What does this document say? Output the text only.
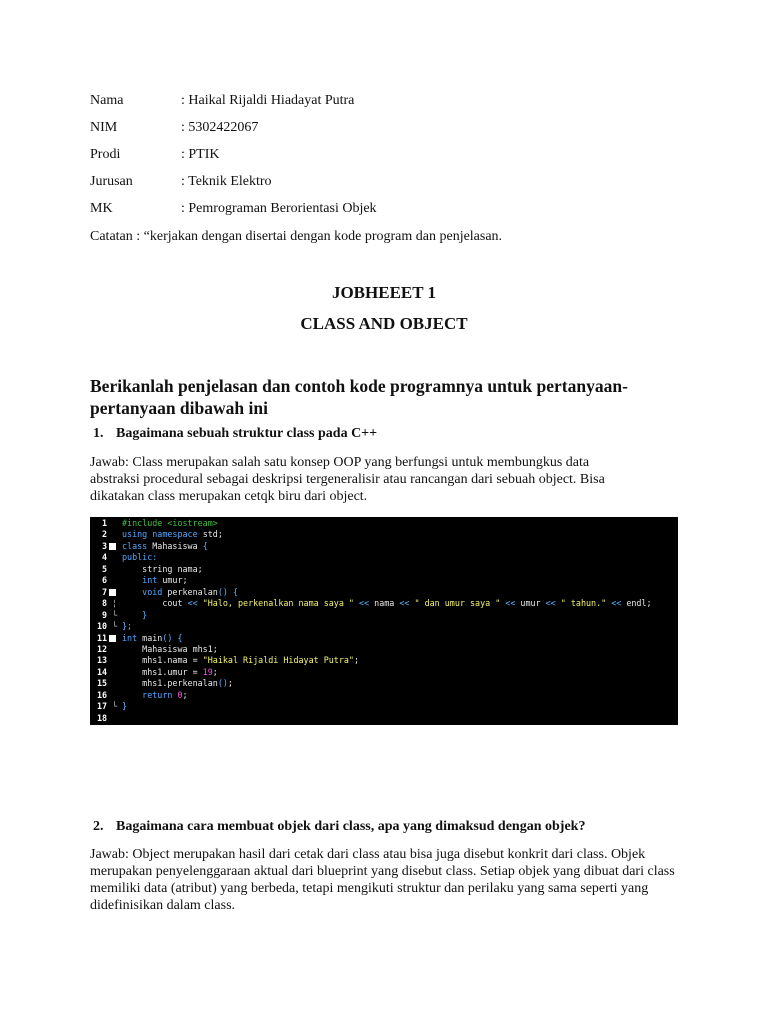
Nama	: Haikal Rijaldi Hiadayat Putra
NIM	: 5302422067
Prodi	: PTIK
Jurusan	: Teknik Elektro
MK	: Pemrograman Berorientasi Objek
Catatan : “kerjakan dengan disertai dengan kode program dan penjelasan.
JOBHEEET 1
CLASS AND OBJECT
Berikanlah penjelasan dan contoh kode programnya untuk pertanyaan-
pertanyaan dibawah ini
1. Bagaimana sebuah struktur class pada C++
Jawab: Class merupakan salah satu konsep OOP yang berfungsi untuk membungkus data
abstraksi procedural sebagai deskripsi tergeneralisir atau rancangan dari sebuah object. Bisa
dikatakan class merupakan cetqk biru dari object.
1 #include <iostream>
2 using namespace std;
3 class Mahasiswa {
4 public:
5 string nama;
6 int umur;
7 void perkenalan() {
8 ¦ cout << "Halo, perkenalkan nama saya " << nama << " dan umur saya " << umur << " tahun." << endl;
9 └ }
10 └ };
11 int main() {
12 Mahasiswa mhs1;
13 mhs1.nama = "Haikal Rijaldi Hidayat Putra";
14 mhs1.umur = 19;
15 mhs1.perkenalan();
16 return 0;
17 └ }
18
2. Bagaimana cara membuat objek dari class, apa yang dimaksud dengan objek?
Jawab: Object merupakan hasil dari cetak dari class atau bisa juga disebut konkrit dari class. Objek
merupakan penyelenggaraan aktual dari blueprint yang disebut class. Setiap objek yang dibuat dari class
memiliki data (atribut) yang berbeda, tetapi mengikuti struktur dan perilaku yang sama seperti yang
didefinisikan dalam class.
